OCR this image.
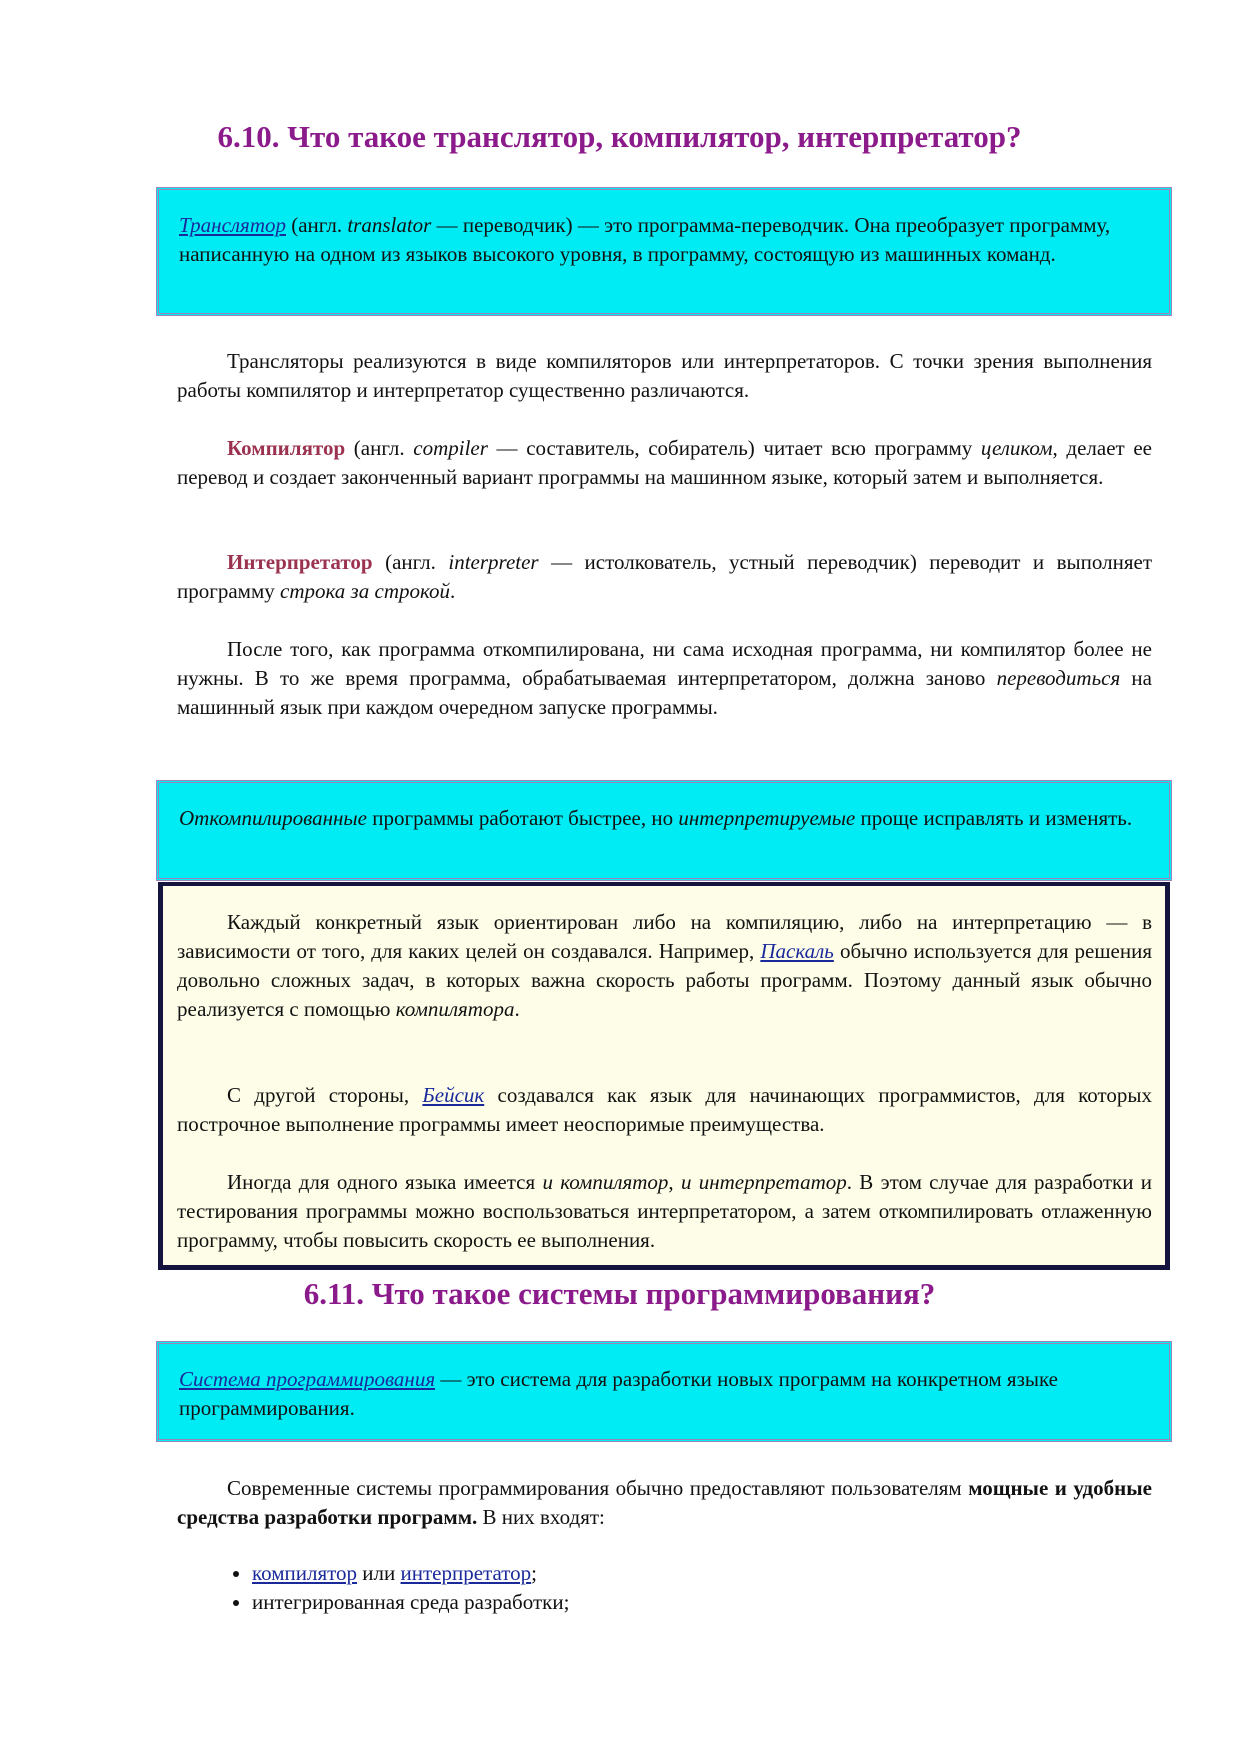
6.10. Что такое транслятор, компилятор, интерпретатор?

Транслятор (англ. translator — переводчик) — это программа-переводчик. Она преобразует программу, написанную на одном из языков высокого уровня, в программу, состоящую из машинных команд.

Трансляторы реализуются в виде компиляторов или интерпретаторов. С точки зрения выполнения работы компилятор и интерпретатор существенно различаются.

Компилятор (англ. compiler — составитель, собиратель) читает всю программу целиком, делает ее перевод и создает законченный вариант программы на машинном языке, который затем и выполняется.

Интерпретатор (англ. interpreter — истолкователь, устный переводчик) переводит и выполняет программу строка за строкой.

После того, как программа откомпилирована, ни сама исходная программа, ни компилятор более не нужны. В то же время программа, обрабатываемая интерпретатором, должна заново переводиться на машинный язык при каждом очередном запуске программы.

Откомпилированные программы работают быстрее, но интерпретируемые проще исправлять и изменять.

Каждый конкретный язык ориентирован либо на компиляцию, либо на интерпретацию — в зависимости от того, для каких целей он создавался. Например, Паскаль обычно используется для решения довольно сложных задач, в которых важна скорость работы программ. Поэтому данный язык обычно реализуется с помощью компилятора.

С другой стороны, Бейсик создавался как язык для начинающих программистов, для которых построчное выполнение программы имеет неоспоримые преимущества.

Иногда для одного языка имеется и компилятор, и интерпретатор. В этом случае для разработки и тестирования программы можно воспользоваться интерпретатором, а затем откомпилировать отлаженную программу, чтобы повысить скорость ее выполнения.

6.11. Что такое системы программирования?

Система программирования — это система для разработки новых программ на конкретном языке программирования.

Современные системы программирования обычно предоставляют пользователям мощные и удобные средства разработки программ. В них входят:

• компилятор или интерпретатор;
• интегрированная среда разработки;
